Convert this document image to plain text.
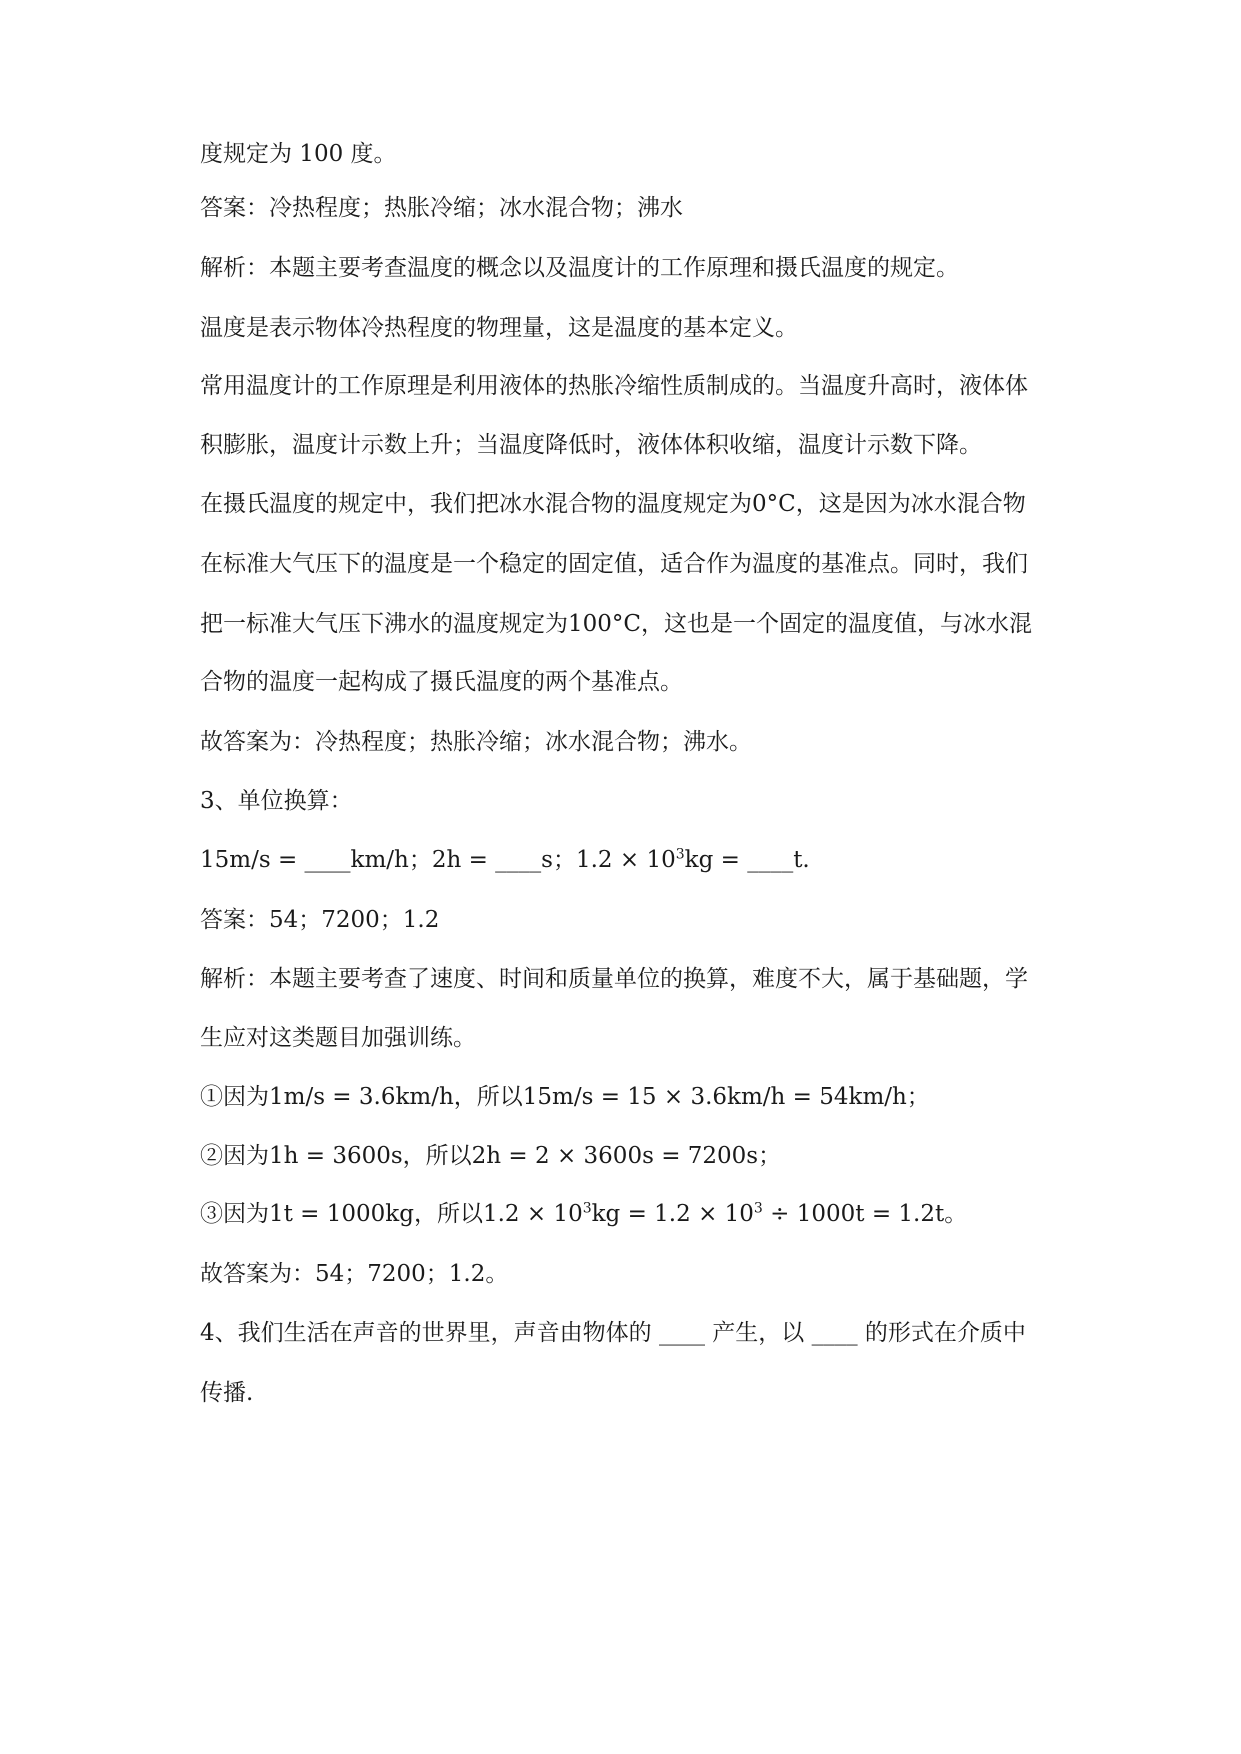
度规定为 100 度。
答案：冷热程度；热胀冷缩；冰水混合物；沸水
解析：本题主要考查温度的概念以及温度计的工作原理和摄氏温度的规定。
温度是表示物体冷热程度的物理量，这是温度的基本定义。
常用温度计的工作原理是利用液体的热胀冷缩性质制成的。当温度升高时，液体体
积膨胀，温度计示数上升；当温度降低时，液体体积收缩，温度计示数下降。
在摄氏温度的规定中，我们把冰水混合物的温度规定为0°C，这是因为冰水混合物
在标准大气压下的温度是一个稳定的固定值，适合作为温度的基准点。同时，我们
把一标准大气压下沸水的温度规定为100°C，这也是一个固定的温度值，与冰水混
合物的温度一起构成了摄氏温度的两个基准点。
故答案为：冷热程度；热胀冷缩；冰水混合物；沸水。
3、单位换算：
15m/s = ____km/h；2h = ____s；$1.2 \times 10^3kg$ = ____t.
答案：54；7200；1.2
解析：本题主要考查了速度、时间和质量单位的换算，难度不大，属于基础题，学
生应对这类题目加强训练。
①因为1m/s = 3.6km/h，所以15m/s = 15 × 3.6km/h = 54km/h；
②因为1h = 3600s，所以2h = 2 × 3600s = 7200s；
③因为1t = 1000kg，所以$1.2 \times 10^3kg = 1.2 \times 10^3 \div 1000t = 1.2t$。
故答案为：54；7200；1.2。
4、我们生活在声音的世界里，声音由物体的 ____ 产生，以 ____ 的形式在介质中
传播.
